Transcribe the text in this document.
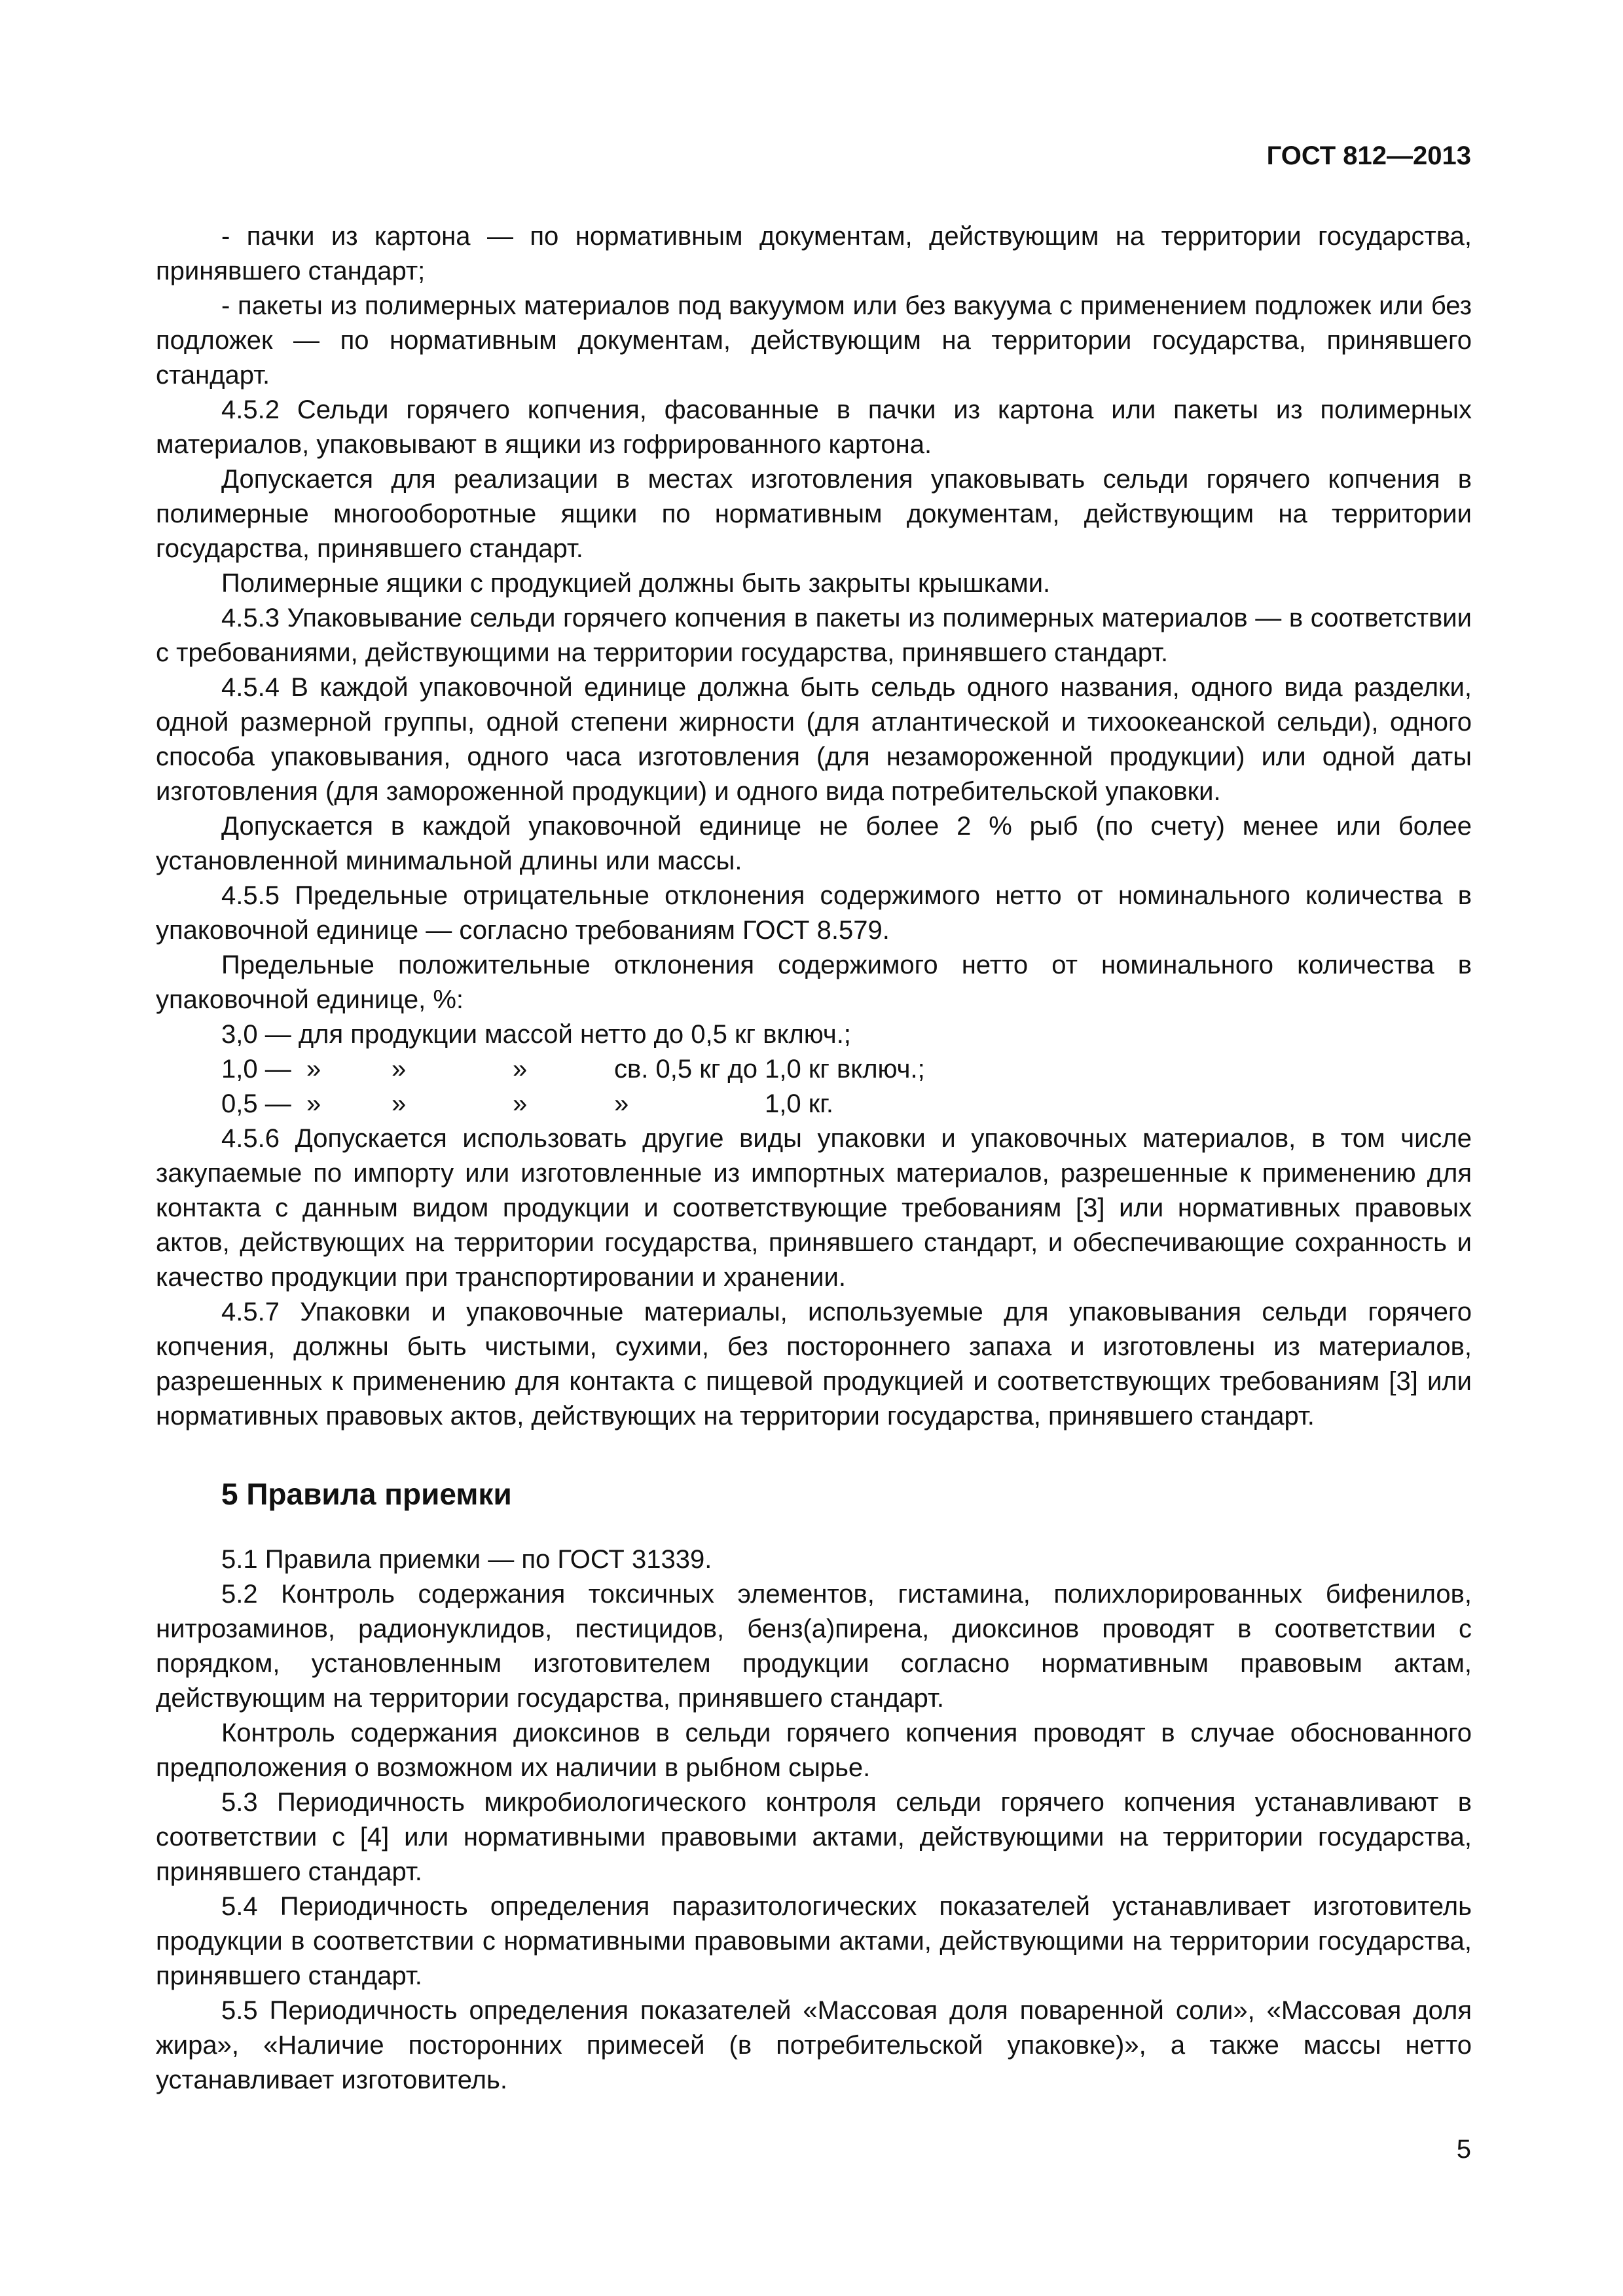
ГОСТ 812—2013

- пачки из картона — по нормативным документам, действующим на территории государства, принявшего стандарт;

- пакеты из полимерных материалов под вакуумом или без вакуума с применением подложек или без подложек — по нормативным документам, действующим на территории государства, принявшего стандарт.

4.5.2 Сельди горячего копчения, фасованные в пачки из картона или пакеты из полимерных материалов, упаковывают в ящики из гофрированного картона.

Допускается для реализации в местах изготовления упаковывать сельди горячего копчения в полимерные многооборотные ящики по нормативным документам, действующим на территории государства, принявшего стандарт.

Полимерные ящики с продукцией должны быть закрыты крышками.

4.5.3 Упаковывание сельди горячего копчения в пакеты из полимерных материалов — в соответствии с требованиями, действующими на территории государства, принявшего стандарт.

4.5.4 В каждой упаковочной единице должна быть сельдь одного названия, одного вида разделки, одной размерной группы, одной степени жирности (для атлантической и тихоокеанской сельди), одного способа упаковывания, одного часа изготовления (для незамороженной продукции) или одной даты изготовления (для замороженной продукции) и одного вида потребительской упаковки.

Допускается в каждой упаковочной единице не более 2 % рыб (по счету) менее или более установленной минимальной длины или массы.

4.5.5 Предельные отрицательные отклонения содержимого нетто от номинального количества в упаковочной единице — согласно требованиям ГОСТ 8.579.

Предельные положительные отклонения содержимого нетто от номинального количества в упаковочной единице, %:

3,0 — для продукции массой нетто до 0,5 кг включ.;
1,0 — »	»	»	св. 0,5 кг до 1,0 кг включ.;
0,5 — »	»	»	»	1,0 кг.

4.5.6 Допускается использовать другие виды упаковки и упаковочных материалов, в том числе закупаемые по импорту или изготовленные из импортных материалов, разрешенные к применению для контакта с данным видом продукции и соответствующие требованиям [3] или нормативных правовых актов, действующих на территории государства, принявшего стандарт, и обеспечивающие сохранность и качество продукции при транспортировании и хранении.

4.5.7 Упаковки и упаковочные материалы, используемые для упаковывания сельди горячего копчения, должны быть чистыми, сухими, без постороннего запаха и изготовлены из материалов, разрешенных к применению для контакта с пищевой продукцией и соответствующих требованиям [3] или нормативных правовых актов, действующих на территории государства, принявшего стандарт.

5 Правила приемки

5.1 Правила приемки — по ГОСТ 31339.

5.2 Контроль содержания токсичных элементов, гистамина, полихлорированных бифенилов, нитрозаминов, радионуклидов, пестицидов, бенз(а)пирена, диоксинов проводят в соответствии с порядком, установленным изготовителем продукции согласно нормативным правовым актам, действующим на территории государства, принявшего стандарт.

Контроль содержания диоксинов в сельди горячего копчения проводят в случае обоснованного предположения о возможном их наличии в рыбном сырье.

5.3 Периодичность микробиологического контроля сельди горячего копчения устанавливают в соответствии с [4] или нормативными правовыми актами, действующими на территории государства, принявшего стандарт.

5.4 Периодичность определения паразитологических показателей устанавливает изготовитель продукции в соответствии с нормативными правовыми актами, действующими на территории государства, принявшего стандарт.

5.5 Периодичность определения показателей «Массовая доля поваренной соли», «Массовая доля жира», «Наличие посторонних примесей (в потребительской упаковке)», а также массы нетто устанавливает изготовитель.

5
